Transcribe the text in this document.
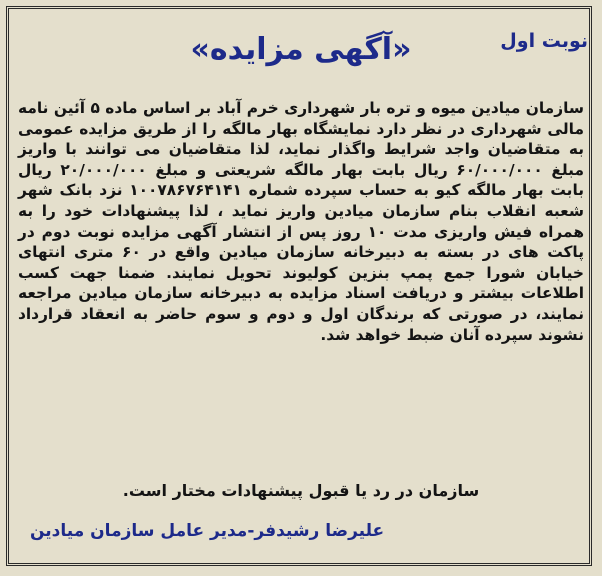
نوبت اول
«آگهی مزایده»
سازمان میادین میوه و تره بار شهرداری خرم آباد بر اساس ماده ۵ آئین نامه مالی شهرداری در نظر دارد نمایشگاه بهار مالگه را از طریق مزایده عمومی به متقاضیان واجد شرایط واگذار نماید، لذا متقاضیان می توانند با واریز مبلغ ۶۰/۰۰۰/۰۰۰ ریال بابت بهار مالگه شریعتی و مبلغ ۲۰/۰۰۰/۰۰۰ ریال بابت بهار مالگه کیو به حساب سپرده شماره ۱۰۰۷۸۶۷۶۴۱۴۱ نزد بانک شهر شعبه انقلاب بنام سازمان میادین واریز نماید ، لذا پیشنهادات خود را به همراه فیش واریزی مدت ۱۰ روز پس از انتشار آگهی مزایده نوبت دوم در پاکت های در بسته به دبیرخانه سازمان میادین واقع در ۶۰ متری انتهای خیابان شورا جمع پمپ بنزین کولیوند تحویل نمایند. ضمنا جهت کسب اطلاعات بیشتر و دریافت اسناد مزایده به دبیرخانه سازمان میادین مراجعه نمایند، در صورتی که برندگان اول و دوم و سوم حاضر به انعقاد قرارداد نشوند سپرده آنان ضبط خواهد شد.
سازمان در رد یا قبول پیشنهادات مختار است.
علیرضا رشیدفر-مدیر عامل سازمان میادین
